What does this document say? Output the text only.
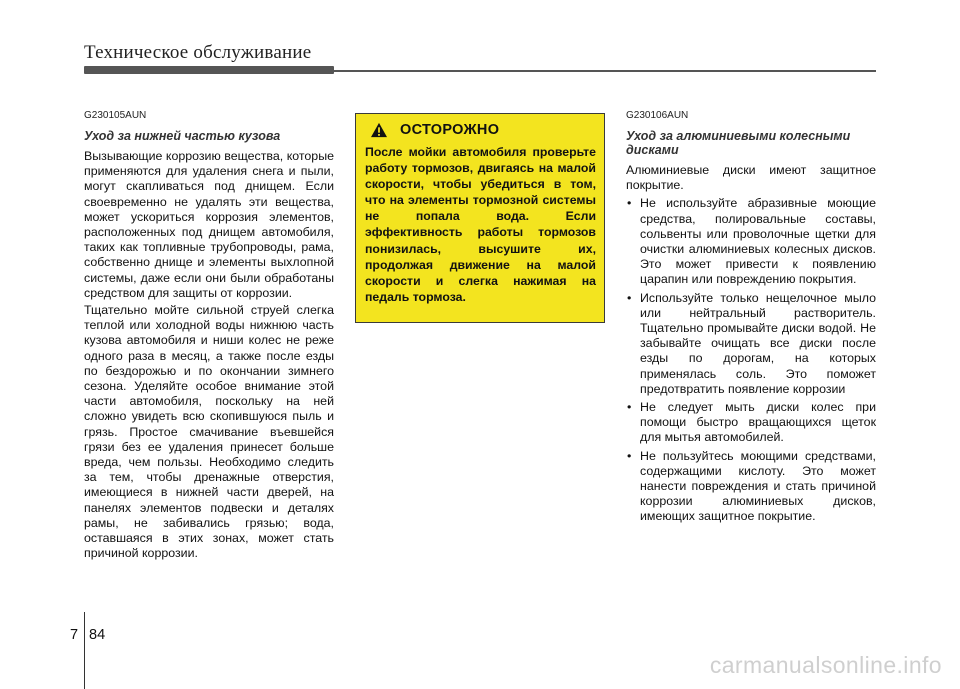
Техническое обслуживание

G230105AUN

Уход за нижней частью кузова

Вызывающие коррозию вещества, которые применяются для удаления снега и пыли, могут скапливаться под днищем. Если своевременно не удалять эти вещества, может ускориться коррозия элементов, расположенных под днищем автомобиля, таких как топливные трубопроводы, рама, собственно днище и элементы выхлопной системы, даже если они были обработаны средством для защиты от коррозии.

Тщательно мойте сильной струей слегка теплой или холодной воды нижнюю часть кузова автомобиля и ниши колес не реже одного раза в месяц, а также после езды по бездорожью и по окончании зимнего сезона. Уделяйте особое внимание этой части автомобиля, поскольку на ней сложно увидеть всю скопившуюся пыль и грязь. Простое смачивание въевшейся грязи без ее удаления принесет больше вреда, чем пользы. Необходимо следить за тем, чтобы дренажные отверстия, имеющиеся в нижней части дверей, на панелях элементов подвески и деталях рамы, не забивались грязью; вода, оставшаяся в этих зонах, может стать причиной коррозии.

ОСТОРОЖНО

После мойки автомобиля проверьте работу тормозов, двигаясь на малой скорости, чтобы убедиться в том, что на элементы тормозной системы не попала вода. Если эффективность работы тормозов понизилась, высушите их, продолжая движение на малой скорости и слегка нажимая на педаль тормоза.

G230106AUN

Уход за алюминиевыми колесными дисками

Алюминиевые диски имеют защитное покрытие.

• Не используйте абразивные моющие средства, полировальные составы, сольвенты или проволочные щетки для очистки алюминиевых колесных дисков. Это может привести к появлению царапин или повреждению покрытия.
• Используйте только нещелочное мыло или нейтральный растворитель. Тщательно промывайте диски водой. Не забывайте очищать все диски после езды по дорогам, на которых применялась соль. Это поможет предотвратить появление коррозии
• Не следует мыть диски колес при помощи быстро вращающихся щеток для мытья автомобилей.
• Не пользуйтесь моющими средствами, содержащими кислоту. Это может нанести повреждения и стать причиной коррозии алюминиевых дисков, имеющих защитное покрытие.
7 84
carmanualsonline.info
